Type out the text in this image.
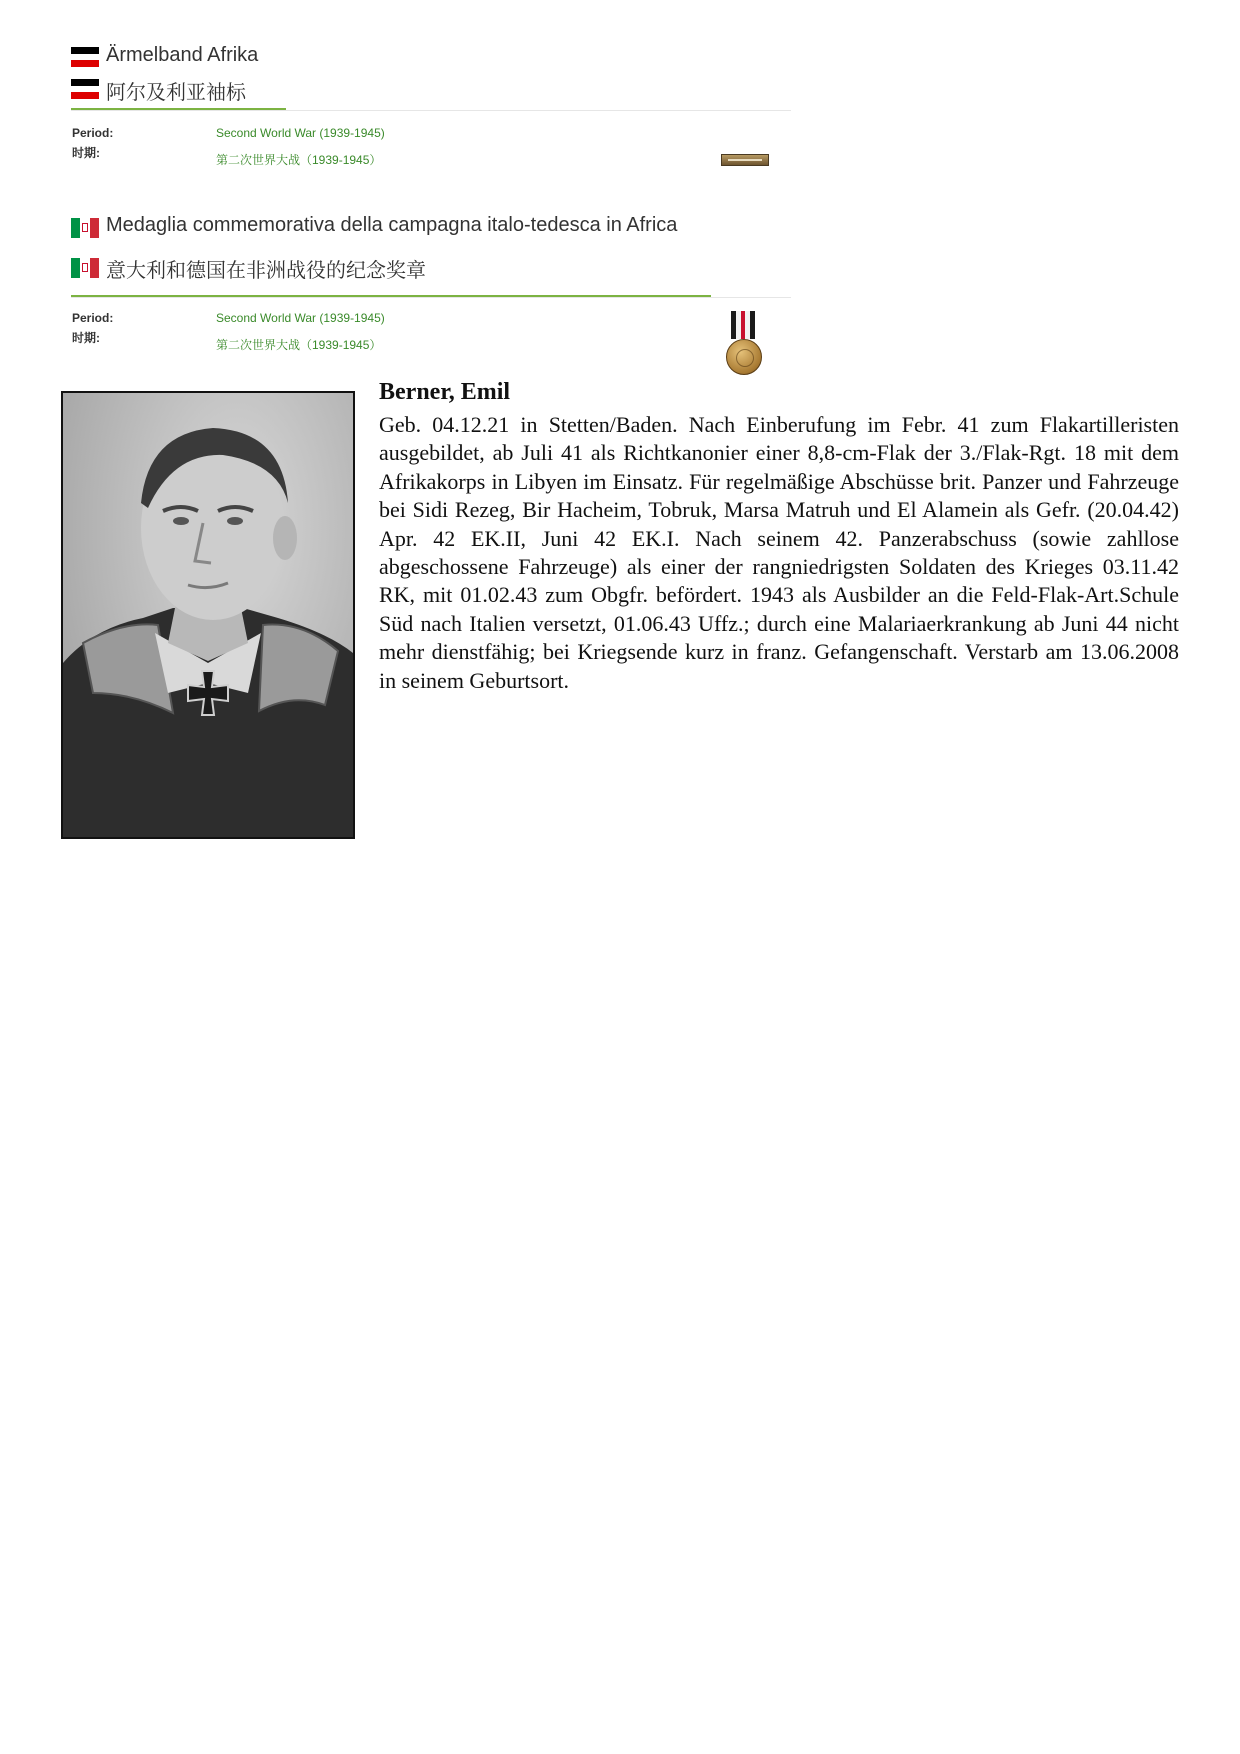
Ärmelband Afrika
阿尔及利亚袖标
Period:
时期:
Second World War (1939-1945)
第二次世界大战（1939-1945）
Medaglia commemorativa della campagna italo-tedesca in Africa
意大利和德国在非洲战役的纪念奖章
Period:
时期:
Second World War (1939-1945)
第二次世界大战（1939-1945）
Berner, Emil

Geb. 04.12.21 in Stetten/Baden. Nach Einberufung im Febr. 41 zum Flakartilleristen ausgebildet, ab Juli 41 als Richtkanonier einer 8,8-cm-Flak der 3./Flak-Rgt. 18 mit dem Afrikakorps in Libyen im Einsatz. Für regelmäßige Abschüsse brit. Panzer und Fahrzeuge bei Sidi Rezeg, Bir Hacheim, Tobruk, Marsa Matruh und El Alamein als Gefr. (20.04.42) Apr. 42 EK.II, Juni 42 EK.I. Nach seinem 42. Panzerabschuss (sowie zahllose abgeschossene Fahrzeuge) als einer der rangniedrigsten Soldaten des Krieges 03.11.42 RK, mit 01.02.43 zum Obgfr. befördert. 1943 als Ausbilder an die Feld-Flak-Art.Schule Süd nach Italien versetzt, 01.06.43 Uffz.; durch eine Malariaerkrankung ab Juni 44 nicht mehr dienstfähig; bei Kriegsende kurz in franz. Gefangenschaft. Verstarb am 13.06.2008 in seinem Geburtsort.
